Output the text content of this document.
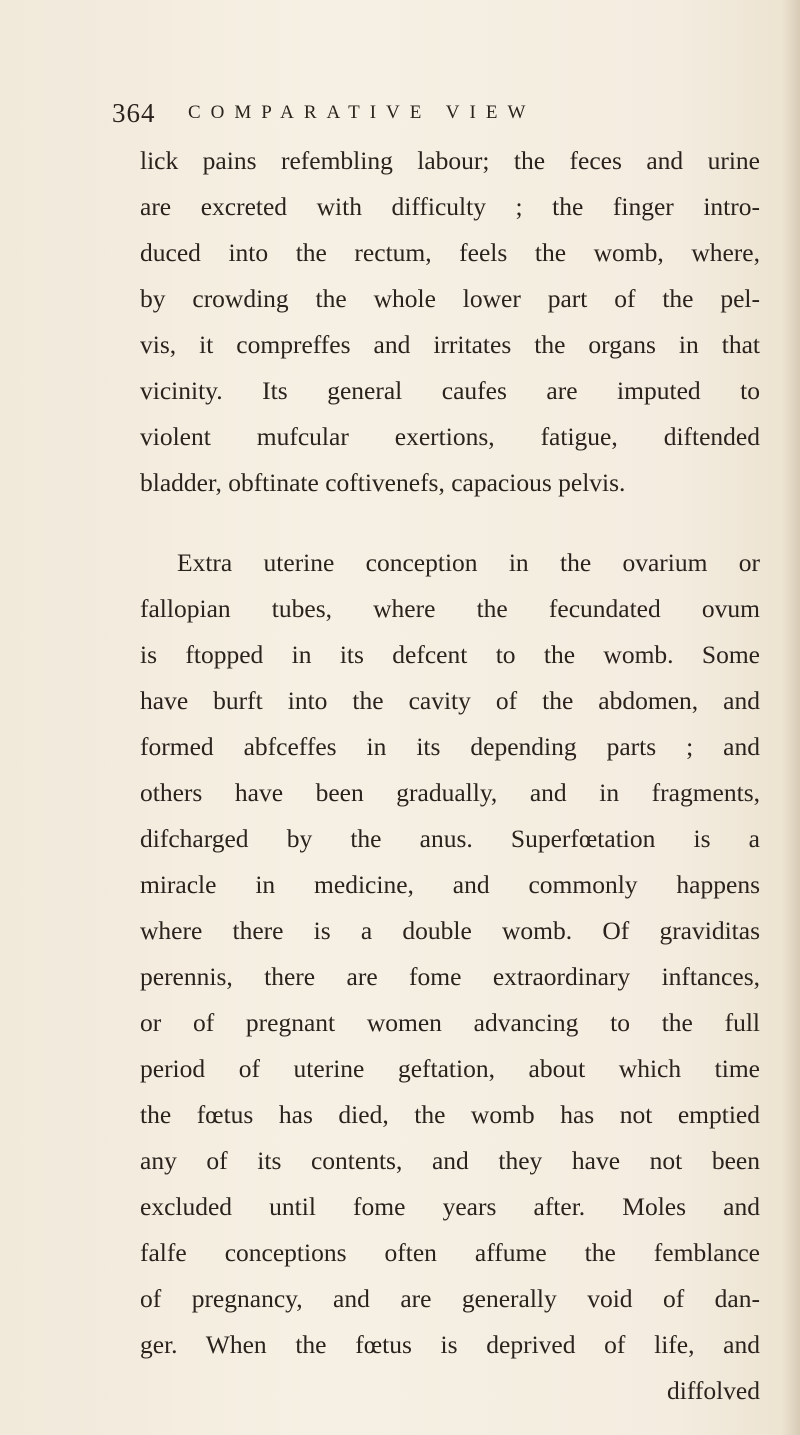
364 COMPARATIVE VIEW
lick pains refembling labour; the feces and urine
are excreted with difficulty ; the finger intro-
duced into the rectum, feels the womb, where,
by crowding the whole lower part of the pel-
vis, it compreffes and irritates the organs in that
vicinity. Its general caufes are imputed to
violent mufcular exertions, fatigue, diftended
bladder, obftinate coftivenefs, capacious pelvis.
Extra uterine conception in the ovarium or
fallopian tubes, where the fecundated ovum
is ftopped in its defcent to the womb. Some
have burft into the cavity of the abdomen, and
formed abfceffes in its depending parts ; and
others have been gradually, and in fragments,
difcharged by the anus. Superfœtation is a
miracle in medicine, and commonly happens
where there is a double womb. Of graviditas
perennis, there are fome extraordinary inftances,
or of pregnant women advancing to the full
period of uterine geftation, about which time
the fœtus has died, the womb has not emptied
any of its contents, and they have not been
excluded until fome years after. Moles and
falfe conceptions often affume the femblance
of pregnancy, and are generally void of dan-
ger. When the fœtus is deprived of life, and
diffolved
